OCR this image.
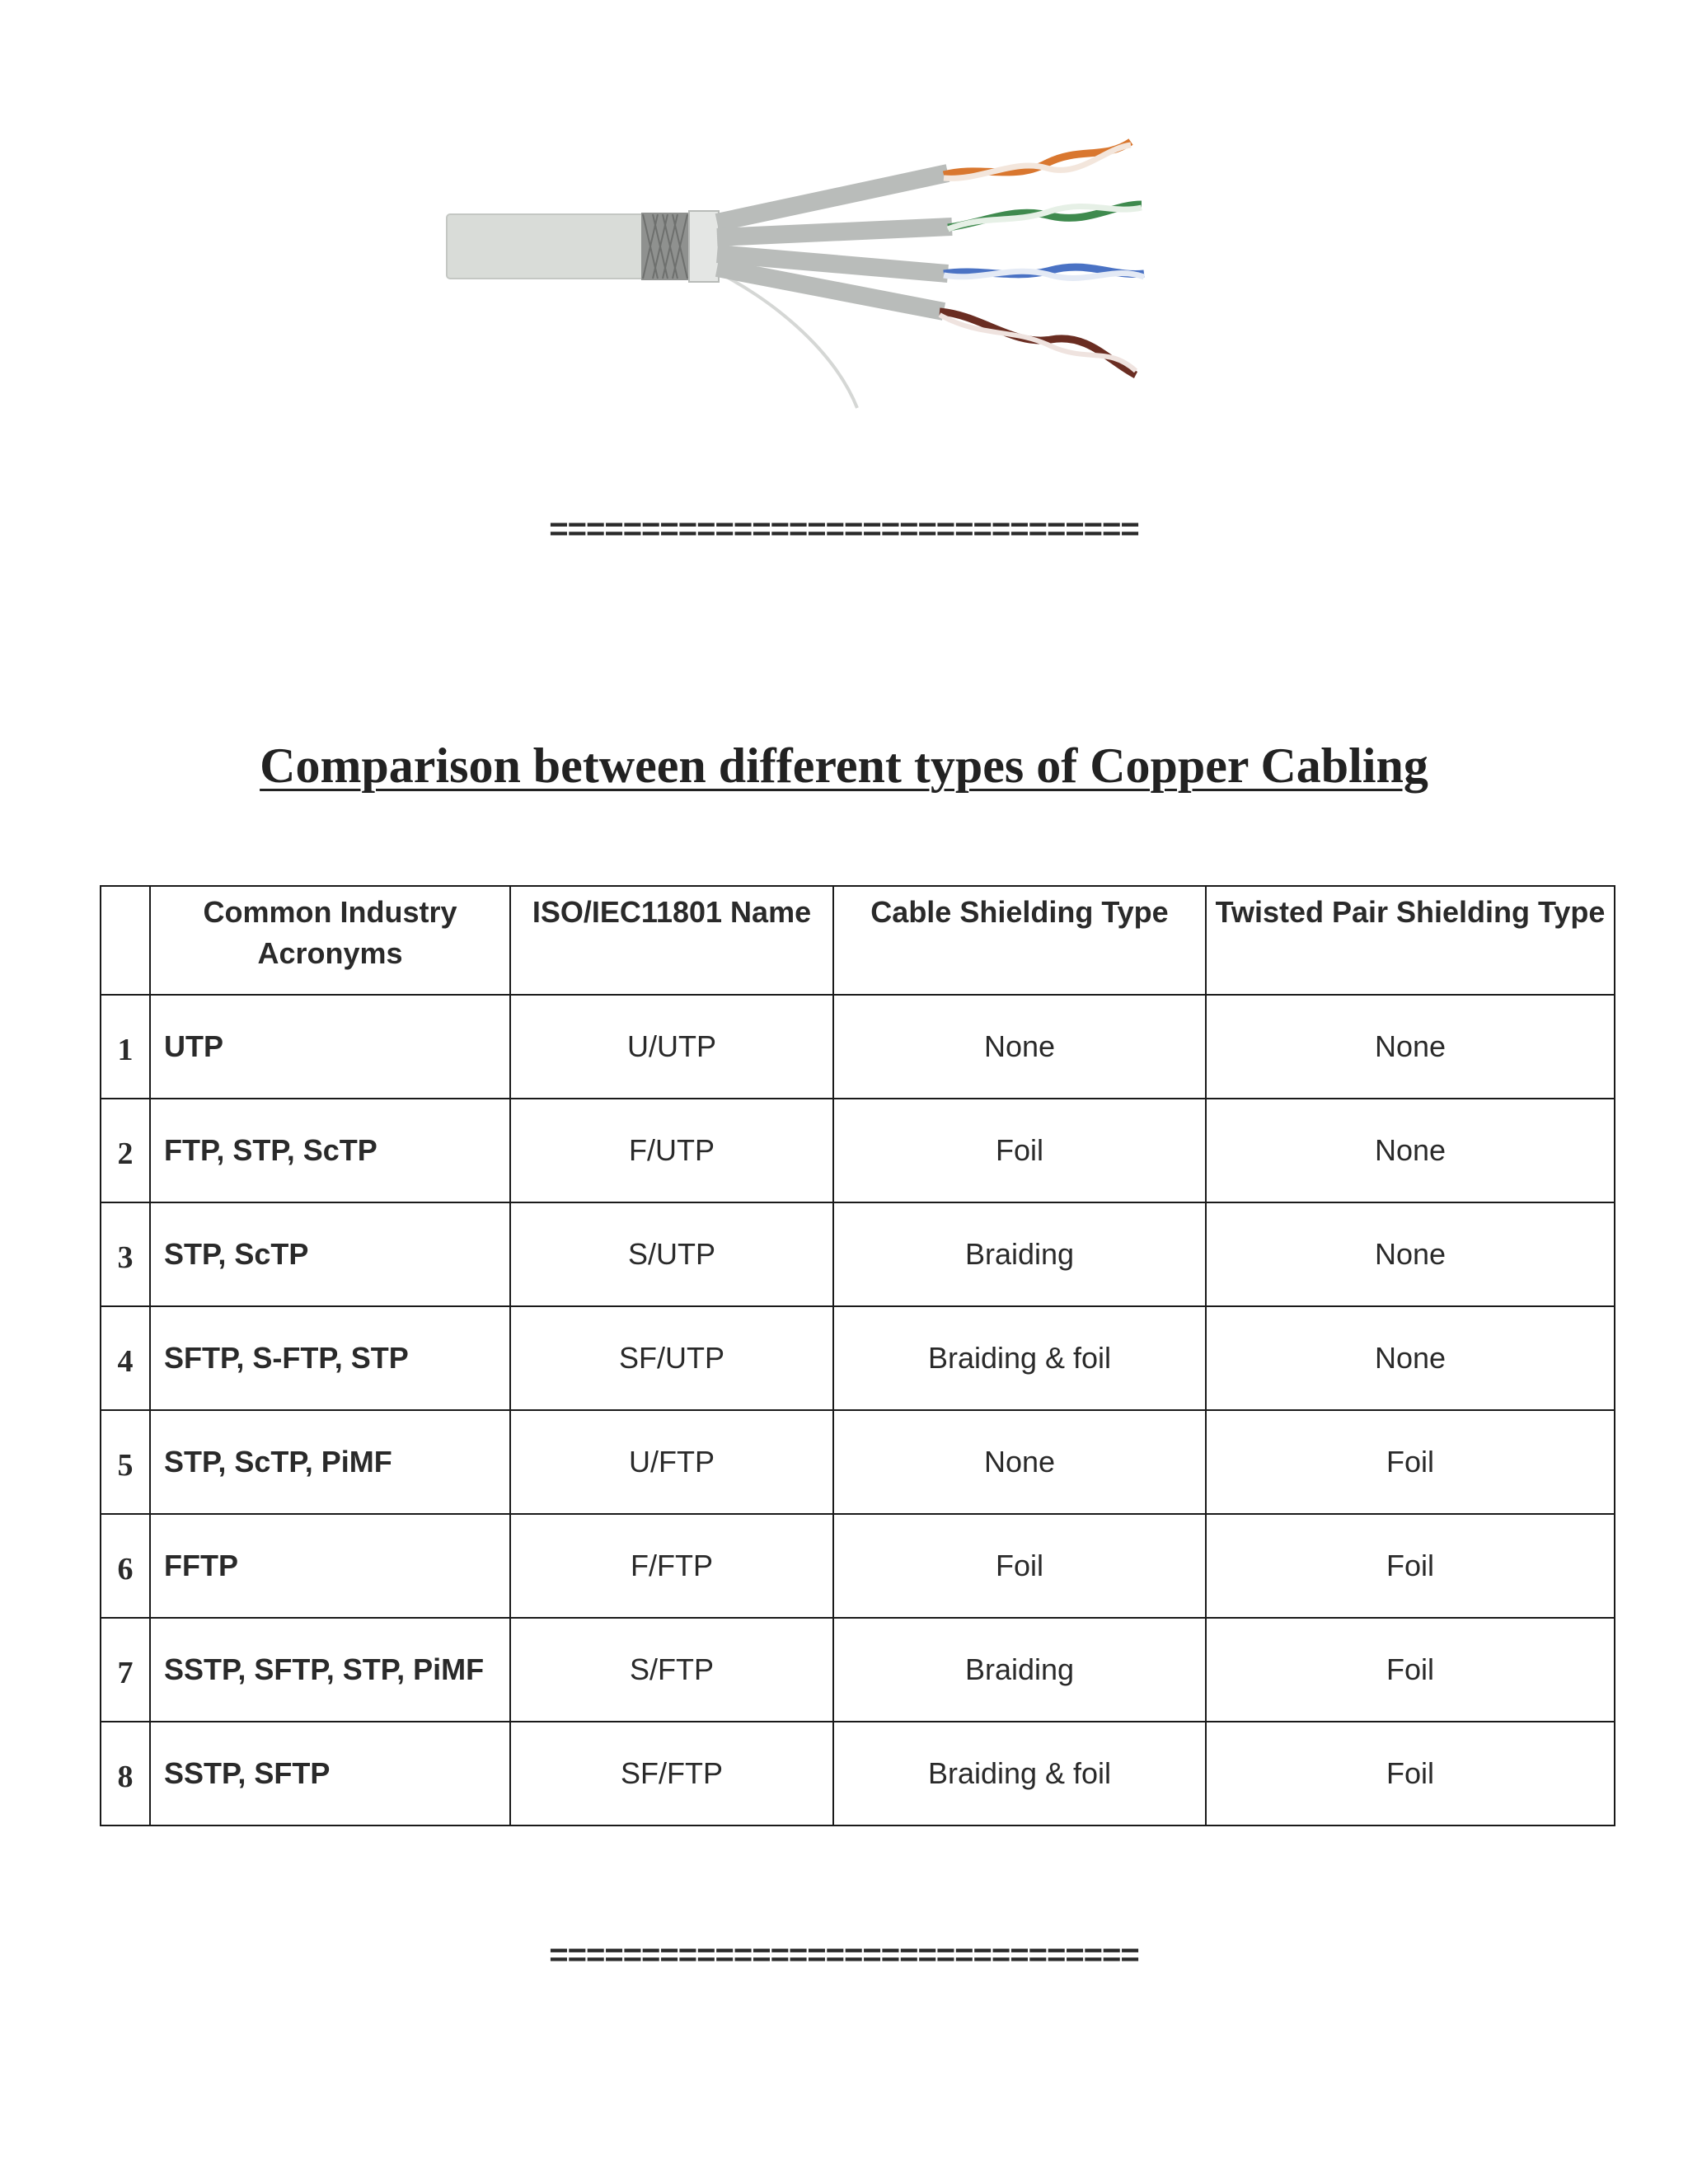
================================
Comparison between different types of Copper Cabling
	Common Industry Acronyms	ISO/IEC11801 Name	Cable Shielding Type	Twisted Pair Shielding Type
1	UTP	U/UTP	None	None
2	FTP, STP, ScTP	F/UTP	Foil	None
3	STP, ScTP	S/UTP	Braiding	None
4	SFTP, S-FTP, STP	SF/UTP	Braiding & foil	None
5	STP, ScTP, PiMF	U/FTP	None	Foil
6	FFTP	F/FTP	Foil	Foil
7	SSTP, SFTP, STP, PiMF	S/FTP	Braiding	Foil
8	SSTP, SFTP	SF/FTP	Braiding & foil	Foil
================================
